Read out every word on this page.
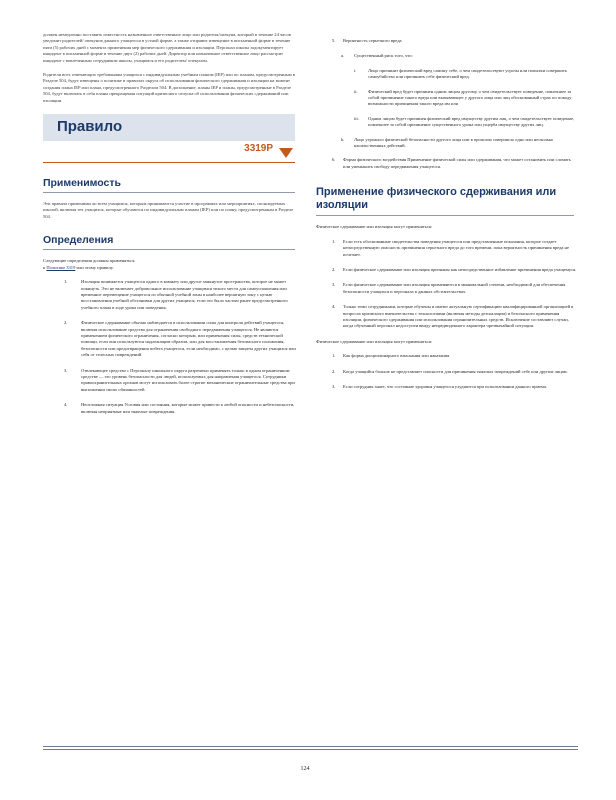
должен немедленно поставить известность назначенное ответственное лицо или родителя/опекуна, который в течение 24 часов уведомит родителей/ опекунов данного учащегося в устной форме, а также отправит извещение в письменной форме в течение пяти (5) рабочих дней с момента применения мер физического сдерживания и изоляции. Персонал школы задокументирует инцидент в письменной форме в течение двух (2) рабочих дней. Директор или назначенное ответственное лицо рассмотрит инцидент с вовлеченным сотрудником школы, учащимся и его родителем/ опекуном.

Родители всех отвечающих требованиям учащихся с индивидуальным учебным планом (IEP) или по планам, предусмотренным в Разделе 504, будут извещены о политике и правилах округа об использовании физического сдерживания и изоляции на момент создания плана IEP или плана, предусмотренного Разделом 504. В дополнение, планы IEP и планы, предусмотренные в Разделе 504, будут включать в себя планы прекращения ситуаций кризисного отпуска об использовании физических сдерживаний или изоляции.

Правило
3319P
Применимость

Эти правила применимы ко всем учащимся, которым принимаются участие в программах или мероприятиях, спонсируемых школой, включая тех учащихся, которые обучаются по индивидуальным планам (IEP) или по плану, предусмотренным в Разделе 504.

Определения

Следующие определения должны применяться
к Политике 3319 или этому правилу.

1.	Изоляция понимается учащегося одного в комнату или другое замкнутое пространство, которое не может покинуть. Это не включает добровольное использование учащимся тихого места для самоуспокоения или временное перемещение учащегося из обычной учебной зоны в наиболее вероятную зону с целью восстановления учебной обстановки для других учащихся, если это было частью ранее предусмотренного учебного плана в ходе урока или поведения.
2.	Физическое сдерживание обычно наблюдается в использовании силы для контроля действий учащегося, включая использование средства для ограничения свободного передвижения учащегося. Не являются применением физического ограничения, согласно которым, или применения силы, средств технической помощи, если они используются надлежащим образом, или для восстановления безопасного положения, безопасности или предотвращения побега учащегося, если необходимо, с целью защиты других учащихся или себя от телесных повреждений.
3.	Отвлекающее средство с Персоналу школьного округа разрешено применять только в одном ограниченном средстве — это уровень безопасности для людей, используемых для направления учащегося. Сотрудники правоохранительных органов могут использовать более строгие механические ограничительные средства при выполнении своих обязанностей.
4.	Неотложная ситуация Условия или состояния, которые может привести к любой опасности и небезопасности, включая неприятные или тяжелые повреждения.
5. Вероятность серьезного вреда
a. Существенный риск того, что:
i.	Лицо причинит физический вред самому себе, о чем свидетельствуют угрозы или попытки совершить самоубийство или причинить себе физический вред.
ii. Физический вред будет причинен одним лицом другому, о чем свидетельствует поведение, повлекшее за собой причинение такого вреда или вызывающее у другого лица или лиц обоснованный страх по поводу возможности причинения такого вреда им или
iii. Одним лицом будет причинен физический вред имуществу другим лиц, о чем свидетельствует поведение, повлекшее за собой причинение существенного урона или ущерба имуществу других лиц.
b. Лицо угрожало физической безопасности другого лица или в прошлом совершило одно или несколько насильственных действий.
6. Форма физического воздействия Применение физической силы или сдерживания, что может остановить или сломать или уменьшить свободу передвижения учащегося.
Применение физического сдерживания или изоляции

Физическое сдерживание или изоляция могут применяться:

1. Если есть обоснованные свидетельства поведения учащегося или представленные показания, которое создает непосредственную опасность причинения серьезного вреда до того времени, пока вероятность причинения вреда не исчезнет.
2. Если физическое сдерживание или изоляция признаны как непосредственное избавление причинения вреда учащемуся.
3. Если физическое сдерживание или изоляция применяются в минимальной степени, необходимой для обеспечения безопасности учащихся и персонала в данных обстоятельствах.
4. Только теми сотрудниками, которые обучены и имеют актуальную сертификацию квалифицированной организацией в вопросах кризисного вмешательства с технологиями (включая методы деэскалации) и безопасного применения изоляции, физического сдерживания или использования ограничительных средств. Исключение составляют случаи, когда обученный персонал недоступен ввиду непредвиденного характера чрезвычайной ситуации.

Физическое сдерживание или изоляция могут применяться:

1. Как форма дисциплинарного взыскания или наказания
2. Когда учащийся больше не представляет опасности для причинения тяжелых повреждений себе или другим лицам.
3. Если сотрудник знает, что состояние здоровья учащегося ухудшится при использовании данного приема.
124
